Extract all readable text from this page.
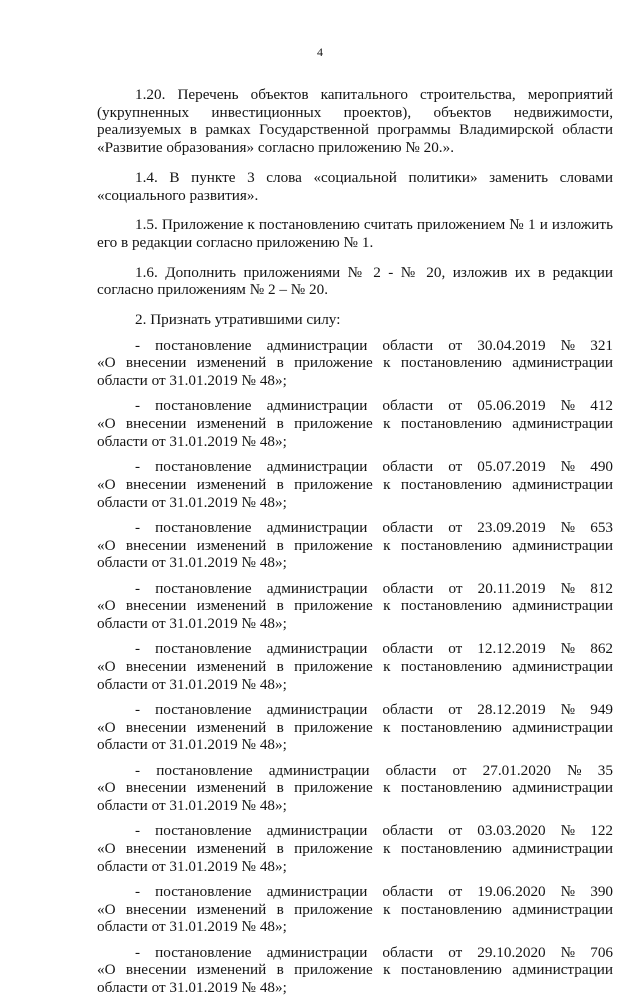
4

1.20. Перечень объектов капитального строительства, мероприятий (укрупненных инвестиционных проектов), объектов недвижимости, реализуемых в рамках Государственной программы Владимирской области «Развитие образования» согласно приложению № 20.».

1.4. В пункте 3 слова «социальной политики» заменить словами «социального развития».

1.5. Приложение к постановлению считать приложением № 1 и изложить его в редакции согласно приложению № 1.

1.6. Дополнить приложениями № 2 - № 20, изложив их в редакции согласно приложениям № 2 – № 20.

2. Признать утратившими силу:

- постановление администрации области от 30.04.2019 № 321
«О внесении изменений в приложение к постановлению администрации
области от 31.01.2019 № 48»;
- постановление администрации области от 05.06.2019 № 412
«О внесении изменений в приложение к постановлению администрации
области от 31.01.2019 № 48»;
- постановление администрации области от 05.07.2019 № 490
«О внесении изменений в приложение к постановлению администрации
области от 31.01.2019 № 48»;
- постановление администрации области от 23.09.2019 № 653
«О внесении изменений в приложение к постановлению администрации
области от 31.01.2019 № 48»;
- постановление администрации области от 20.11.2019 № 812
«О внесении изменений в приложение к постановлению администрации
области от 31.01.2019 № 48»;
- постановление администрации области от 12.12.2019 № 862
«О внесении изменений в приложение к постановлению администрации
области от 31.01.2019 № 48»;
- постановление администрации области от 28.12.2019 № 949
«О внесении изменений в приложение к постановлению администрации
области от 31.01.2019 № 48»;
- постановление администрации области от 27.01.2020 № 35
«О внесении изменений в приложение к постановлению администрации
области от 31.01.2019 № 48»;
- постановление администрации области от 03.03.2020 № 122
«О внесении изменений в приложение к постановлению администрации
области от 31.01.2019 № 48»;
- постановление администрации области от 19.06.2020 № 390
«О внесении изменений в приложение к постановлению администрации
области от 31.01.2019 № 48»;
- постановление администрации области от 29.10.2020 № 706
«О внесении изменений в приложение к постановлению администрации
области от 31.01.2019 № 48»;
